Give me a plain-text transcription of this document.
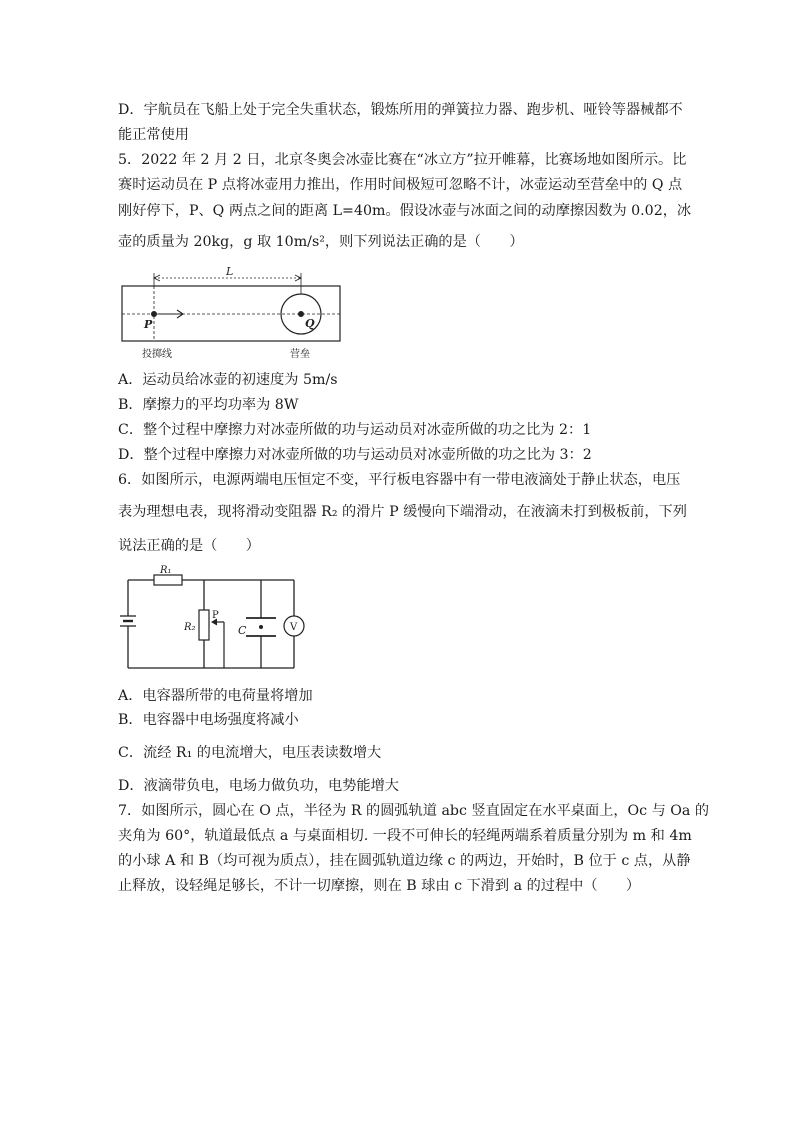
D．宇航员在飞船上处于完全失重状态，锻炼所用的弹簧拉力器、跑步机、哑铃等器械都不

能正常使用

5．2022 年 2 月 2 日，北京冬奥会冰壶比赛在“冰立方”拉开帷幕，比赛场地如图所示。比

赛时运动员在 P 点将冰壶用力推出，作用时间极短可忽略不计，冰壶运动至营垒中的 Q 点

刚好停下，P、Q 两点之间的距离 L=40m。假设冰壶与冰面之间的动摩擦因数为 0.02，冰

壶的质量为 20kg，g 取 10m/s²，则下列说法正确的是（　　）

L
P	Q
投掷线	营垒

A．运动员给冰壶的初速度为 5m/s

B．摩擦力的平均功率为 8W

C．整个过程中摩擦力对冰壶所做的功与运动员对冰壶所做的功之比为 2：1

D．整个过程中摩擦力对冰壶所做的功与运动员对冰壶所做的功之比为 3：2

6．如图所示，电源两端电压恒定不变，平行板电容器中有一带电液滴处于静止状态，电压

表为理想电表，现将滑动变阻器 R₂ 的滑片 P 缓慢向下端滑动，在液滴未打到极板前，下列

说法正确的是（　　）

R₁
R₂
P
C	V

A．电容器所带的电荷量将增加

B．电容器中电场强度将减小

C．流经 R₁ 的电流增大，电压表读数增大

D．液滴带负电，电场力做负功，电势能增大

7．如图所示，圆心在 O 点，半径为 R 的圆弧轨道 abc 竖直固定在水平桌面上，Oc 与 Oa 的

夹角为 60°，轨道最低点 a 与桌面相切. 一段不可伸长的轻绳两端系着质量分别为 m 和 4m

的小球 A 和 B（均可视为质点），挂在圆弧轨道边缘 c 的两边，开始时，B 位于 c 点，从静

止释放，设轻绳足够长，不计一切摩擦，则在 B 球由 c 下滑到 a 的过程中（　　）
